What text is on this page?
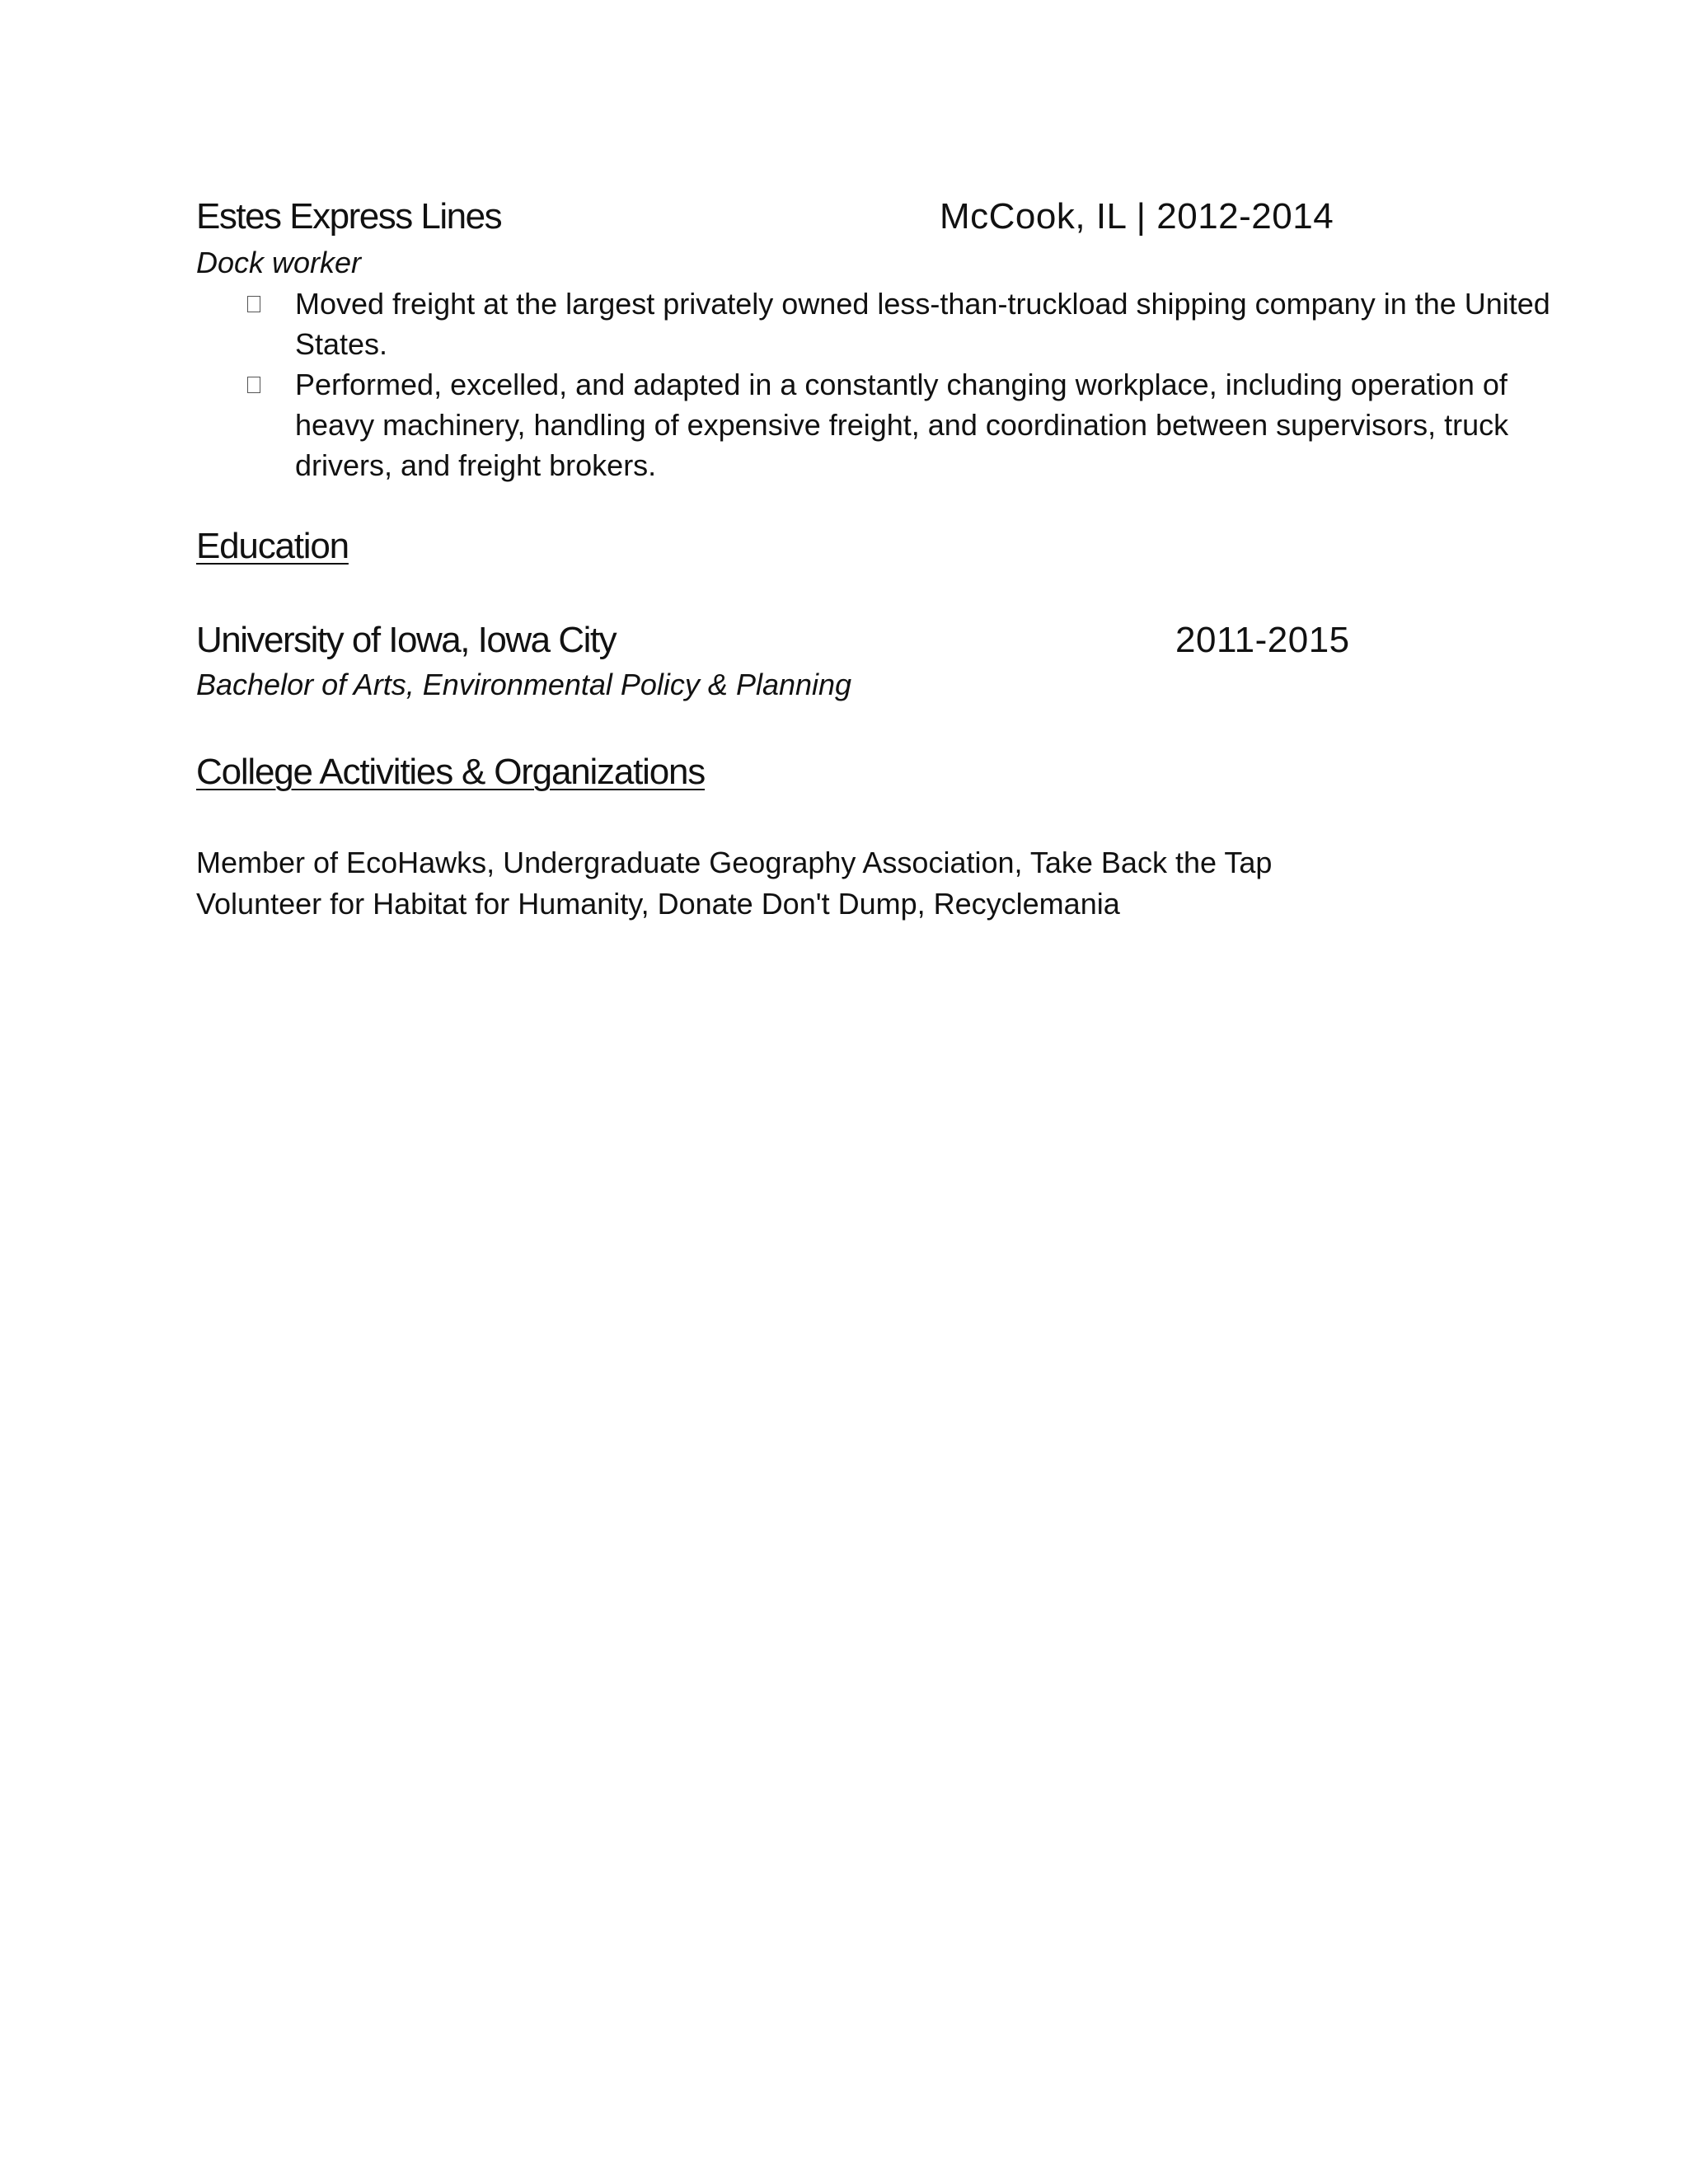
Estes Express Lines	McCook, IL | 2012-2014
Dock worker
Moved freight at the largest privately owned less-than-truckload shipping company in the United States.
Performed, excelled, and adapted in a constantly changing workplace, including operation of heavy machinery, handling of expensive freight, and coordination between supervisors, truck drivers, and freight brokers.
Education
University of Iowa, Iowa City	2011-2015
Bachelor of Arts, Environmental Policy & Planning
College Activities & Organizations
Member of EcoHawks, Undergraduate Geography Association, Take Back the Tap
Volunteer for Habitat for Humanity, Donate Don't Dump, Recyclemania
